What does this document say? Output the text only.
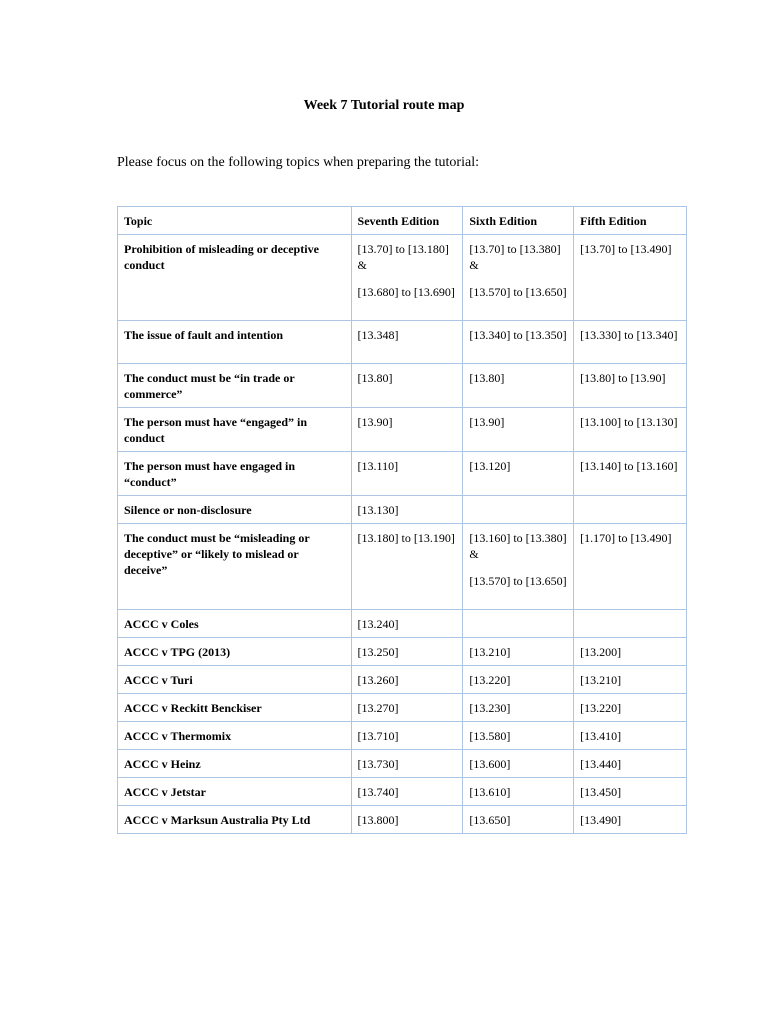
Week 7 Tutorial route map
Please focus on the following topics when preparing the tutorial:
Topic	Seventh Edition	Sixth Edition	Fifth Edition
Prohibition of misleading or deceptive conduct	[13.70] to [13.180] &
[13.680] to [13.690]	[13.70] to [13.380] &
[13.570] to [13.650]	[13.70] to [13.490]
The issue of fault and intention	[13.348]	[13.340] to [13.350]	[13.330] to [13.340]
The conduct must be “in trade or commerce”	[13.80]	[13.80]	[13.80] to [13.90]
The person must have “engaged” in conduct	[13.90]	[13.90]	[13.100] to [13.130]
The person must have engaged in “conduct”	[13.110]	[13.120]	[13.140] to [13.160]
Silence or non-disclosure	[13.130]		
The conduct must be “misleading or deceptive” or “likely to mislead or deceive”	[13.180] to [13.190]	[13.160] to [13.380] &
[13.570] to [13.650]	[1.170] to [13.490]
ACCC v Coles	[13.240]		
ACCC v TPG (2013)	[13.250]	[13.210]	[13.200]
ACCC v Turi	[13.260]	[13.220]	[13.210]
ACCC v Reckitt Benckiser	[13.270]	[13.230]	[13.220]
ACCC v Thermomix	[13.710]	[13.580]	[13.410]
ACCC v Heinz	[13.730]	[13.600]	[13.440]
ACCC v Jetstar	[13.740]	[13.610]	[13.450]
ACCC v Marksun Australia Pty Ltd	[13.800]	[13.650]	[13.490]
